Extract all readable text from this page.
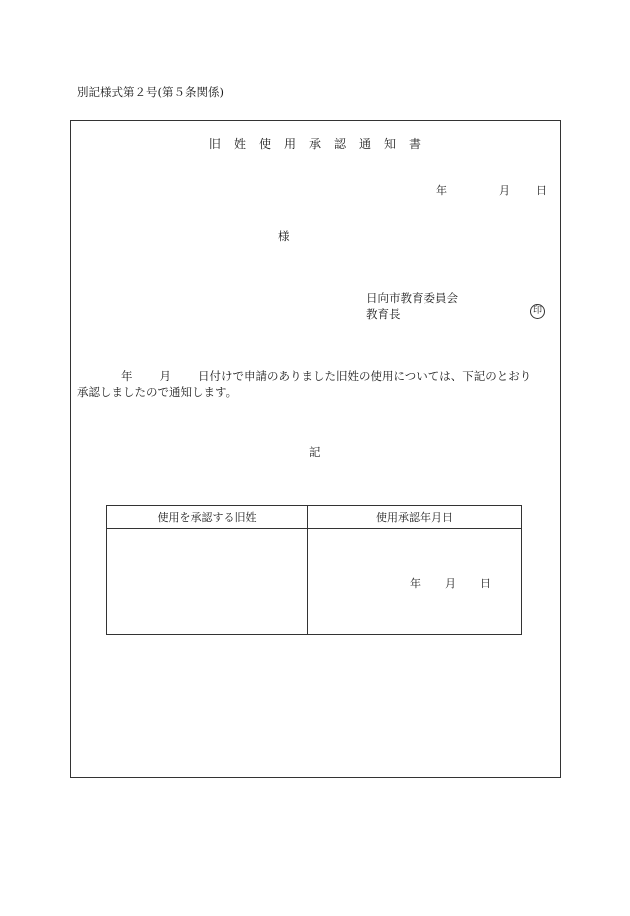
別記様式第２号(第５条関係)
旧 姓 使 用 承 認 通 知 書
年	月 日
様
日向市教育委員会
教育長	印
年 月 日付けで申請のありました旧姓の使用については、下記のとおり
承認しましたので通知します。
記
使用を承認する旧姓	使用承認年月日

	年 月 日
